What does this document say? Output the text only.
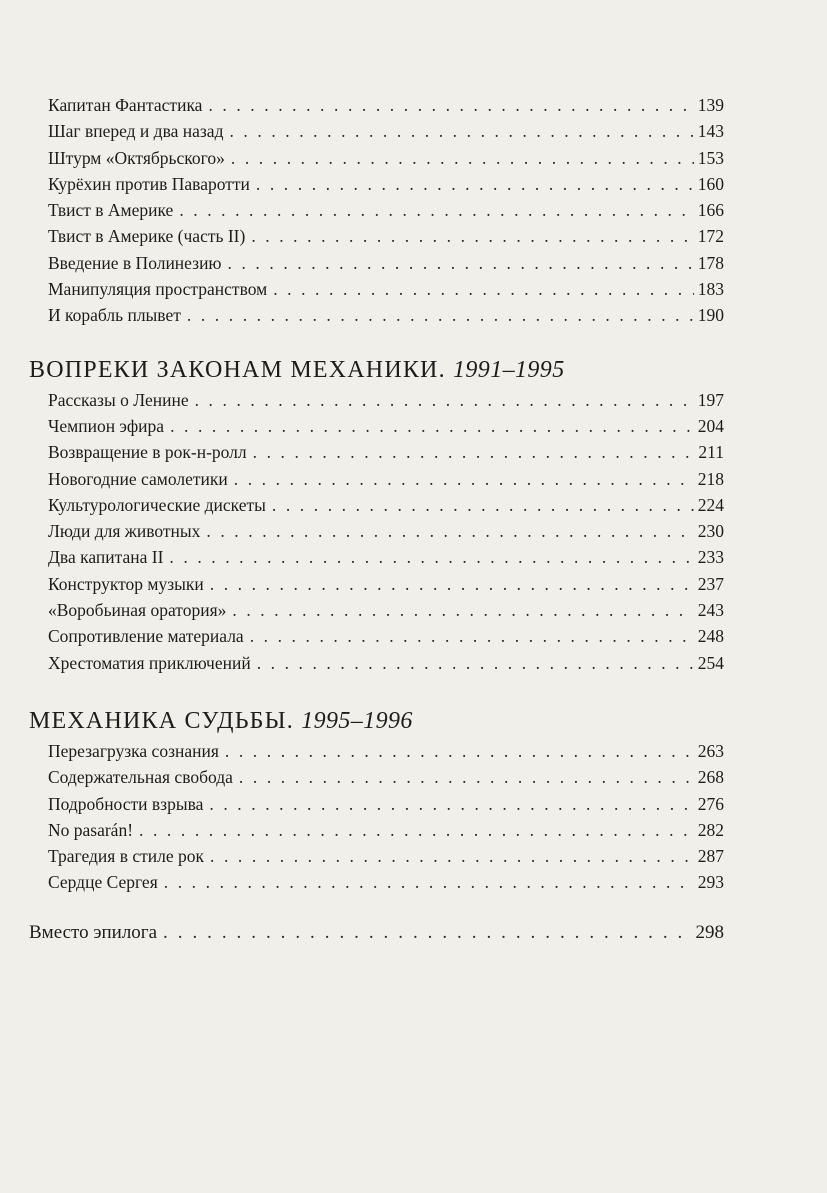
Капитан Фантастика . . .	139
Шаг вперед и два назад . . .	143
Штурм «Октябрьского» . . .	153
Курёхин против Паваротти . . .	160
Твист в Америке . . .	166
Твист в Америке (часть II) . . .	172
Введение в Полинезию . . .	178
Манипуляция пространством . . .	183
И корабль плывет . . .	190
ВОПРЕКИ ЗАКОНАМ МЕХАНИКИ. 1991–1995
Рассказы о Ленине . . .	197
Чемпион эфира . . .	204
Возвращение в рок-н-ролл . . .	211
Новогодние самолетики . . .	218
Культурологические дискеты . . .	224
Люди для животных . . .	230
Два капитана II . . .	233
Конструктор музыки . . .	237
«Воробьиная оратория» . . .	243
Сопротивление материала . . .	248
Хрестоматия приключений . . .	254
МЕХАНИКА СУДЬБЫ. 1995–1996
Перезагрузка сознания . . .	263
Содержательная свобода . . .	268
Подробности взрыва . . .	276
No pasarán! . . .	282
Трагедия в стиле рок . . .	287
Сердце Сергея . . .	293
Вместо эпилога . . .	298
